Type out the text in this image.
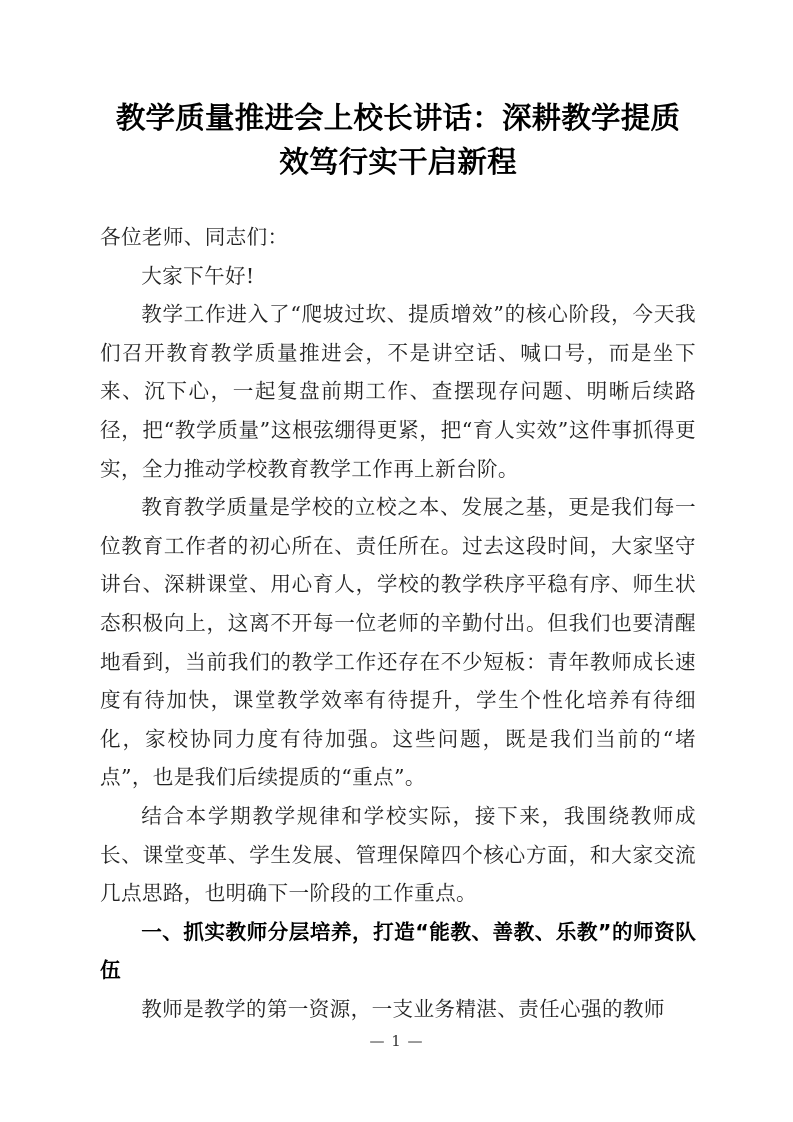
教学质量推进会上校长讲话：深耕教学提质效笃行实干启新程

各位老师、同志们：

大家下午好!

教学工作进入了“爬坡过坎、提质增效”的核心阶段，今天我们召开教育教学质量推进会，不是讲空话、喊口号，而是坐下来、沉下心，一起复盘前期工作、查摆现存问题、明晰后续路径，把“教学质量”这根弦绷得更紧，把“育人实效”这件事抓得更实，全力推动学校教育教学工作再上新台阶。

教育教学质量是学校的立校之本、发展之基，更是我们每一位教育工作者的初心所在、责任所在。过去这段时间，大家坚守讲台、深耕课堂、用心育人，学校的教学秩序平稳有序、师生状态积极向上，这离不开每一位老师的辛勤付出。但我们也要清醒地看到，当前我们的教学工作还存在不少短板：青年教师成长速度有待加快，课堂教学效率有待提升，学生个性化培养有待细化，家校协同力度有待加强。这些问题，既是我们当前的“堵点”，也是我们后续提质的“重点”。

结合本学期教学规律和学校实际，接下来，我围绕教师成长、课堂变革、学生发展、管理保障四个核心方面，和大家交流几点思路，也明确下一阶段的工作重点。

一、抓实教师分层培养，打造“能教、善教、乐教”的师资队伍

教师是教学的第一资源，一支业务精湛、责任心强的教师

— 1 —
